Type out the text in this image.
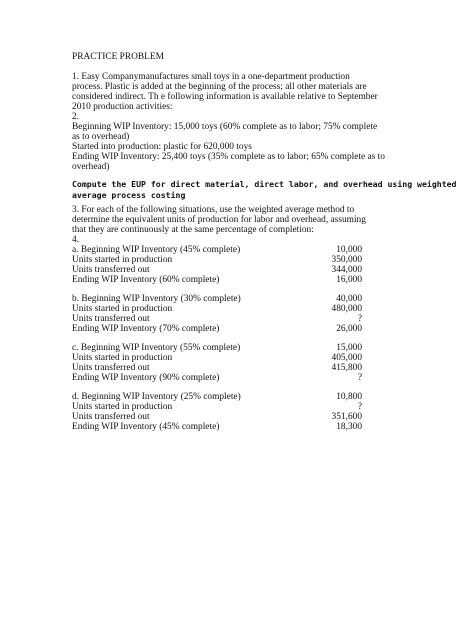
PRACTICE PROBLEM
1. Easy Companymanufactures small toys in a one-department production
process. Plastic is added at the beginning of the process; all other materials are
considered indirect. Th e following information is available relative to September
2010 production activities:
2.
Beginning WIP Inventory: 15,000 toys (60% complete as to labor; 75% complete
as to overhead)
Started into production: plastic for 620,000 toys
Ending WIP Inventory: 25,400 toys (35% complete as to labor; 65% complete as to
overhead)
Compute the EUP for direct material, direct labor, and overhead using weighted
average process costing
3. For each of the following situations, use the weighted average method to
determine the equivalent units of production for labor and overhead, assuming
that they are continuously at the same percentage of completion:
4.
a. Beginning WIP Inventory (45% complete)	10,000
Units started in production	350,000
Units transferred out	344,000
Ending WIP Inventory (60% complete)	16,000
b. Beginning WIP Inventory (30% complete)	40,000
Units started in production	480,000
Units transferred out	?
Ending WIP Inventory (70% complete)	26,000
c. Beginning WIP Inventory (55% complete)	15,000
Units started in production	405,000
Units transferred out	415,800
Ending WIP Inventory (90% complete)	?
d. Beginning WIP Inventory (25% complete)	10,800
Units started in production	?
Units transferred out	351,600
Ending WIP Inventory (45% complete)	18,300
